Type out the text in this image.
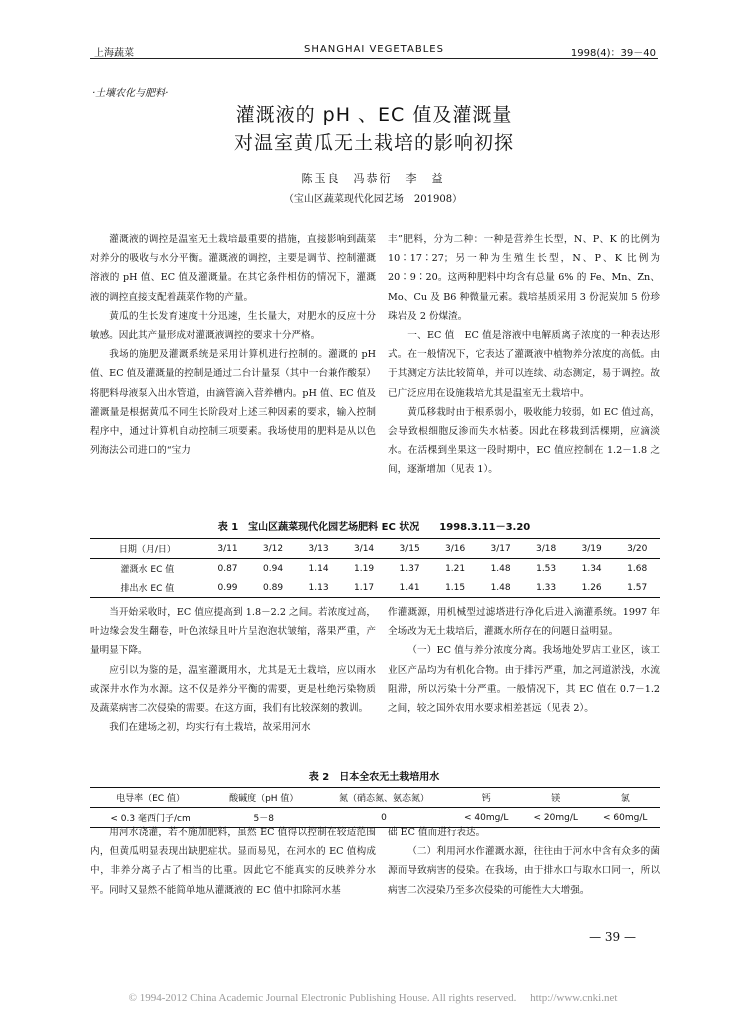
上海蔬菜	SHANGHAI VEGETABLES	1998(4)：39－40
·土壤农化与肥料·
灌溉液的 pH 、EC 值及灌溉量
对温室黄瓜无土栽培的影响初探
陈玉良　冯恭衍　李　益
（宝山区蔬菜现代化园艺场　201908）

灌溉液的调控是温室无土栽培最重要的措施，直接影响到蔬菜对养分的吸收与水分平衡。灌溉液的调控，主要是调节、控制灌溉溶液的 pH 值、EC 值及灌溉量。在其它条件相仿的情况下，灌溉液的调控直接支配着蔬菜作物的产量。

黄瓜的生长发育速度十分迅速，生长量大，对肥水的反应十分敏感。因此其产量形成对灌溉液调控的要求十分严格。

我场的施肥及灌溉系统是采用计算机进行控制的。灌溉的 pH 值、EC 值及灌溉量的控制是通过二台计量泵（其中一台兼作酸泵）将肥料母液泵入出水管道，由滴管滴入营养槽内。pH 值、EC 值及灌溉量是根据黄瓜不同生长阶段对上述三种因素的要求，输入控制程序中，通过计算机自动控制三项要素。我场使用的肥料是从以色列海法公司进口的“宝力

丰”肥料，分为二种：一种是营养生长型，N、P、K 的比例为 10∶17∶27；另一种为生殖生长型，N、P、K 比例为 20∶9∶20。这两种肥料中均含有总量 6% 的 Fe、Mn、Zn、Mo、Cu 及 B6 种微量元素。栽培基质采用 3 份泥炭加 5 份珍珠岩及 2 份煤渣。

一、EC 值　EC 值是溶液中电解质离子浓度的一种表达形式。在一般情况下，它表达了灌溉液中植物养分浓度的高低。由于其测定方法比较简单，并可以连续、动态测定，易于调控。故已广泛应用在设施栽培尤其是温室无土栽培中。

黄瓜移栽时由于根系弱小，吸收能力较弱，如 EC 值过高，会导致根细胞反渗而失水枯萎。因此在移栽到活棵期，应滴淡水。在活棵到坐果这一段时期中，EC 值应控制在 1.2－1.8 之间，逐渐增加（见表 1）。

表 1　宝山区蔬菜现代化园艺场肥料 EC 状况　　1998.3.11－3.20
日期（月/日）	3/11	3/12	3/13	3/14	3/15	3/16	3/17	3/18	3/19	3/20
灌溉水 EC 值	0.87	0.94	1.14	1.19	1.37	1.21	1.48	1.53	1.34	1.68
排出水 EC 值	0.99	0.89	1.13	1.17	1.41	1.15	1.48	1.33	1.26	1.57

当开始采收时，EC 值应提高到 1.8－2.2 之间。若浓度过高，叶边缘会发生翻卷，叶色浓绿且叶片呈泡泡状皱缩，落果严重，产量明显下降。

应引以为鉴的是，温室灌溉用水，尤其是无土栽培，应以雨水或深井水作为水源。这不仅是养分平衡的需要，更是杜绝污染物质及蔬菜病害二次侵染的需要。在这方面，我们有比较深刻的教训。

我们在建场之初，均实行有土栽培，故采用河水

作灌溉源，用机械型过滤塔进行净化后进入滴灌系统。1997 年全场改为无土栽培后，灌溉水所存在的问题日益明显。

（一）EC 值与养分浓度分离。我场地处罗店工业区，该工业区产品均为有机化合物。由于排污严重，加之河道淤浅，水流阻滞，所以污染十分严重。一般情况下，其 EC 值在 0.7－1.2 之间，较之国外农用水要求相差甚远（见表 2）。

表 2　日本全农无土栽培用水
电导率（EC 值）	酸碱度（pH 值）	氮（硝态氮、氨态氮）	钙	镁	氯
< 0.3 毫西门子/cm	5－8	0	< 40mg/L	< 20mg/L	< 60mg/L

用河水浇灌，若不施加肥料，虽然 EC 值得以控制在较适范围内，但黄瓜明显表现出缺肥症状。显而易见，在河水的 EC 值构成中，非养分离子占了相当的比重。因此它不能真实的反映养分水平。同时又显然不能简单地从灌溉液的 EC 值中扣除河水基

础 EC 值而进行表达。

（二）利用河水作灌溉水源，往往由于河水中含有众多的菌源而导致病害的侵染。在我场，由于排水口与取水口同一，所以病害二次浸染乃至多次侵染的可能性大大增强。

— 39 —
© 1994-2012 China Academic Journal Electronic Publishing House. All rights reserved.　 http://www.cnki.net
